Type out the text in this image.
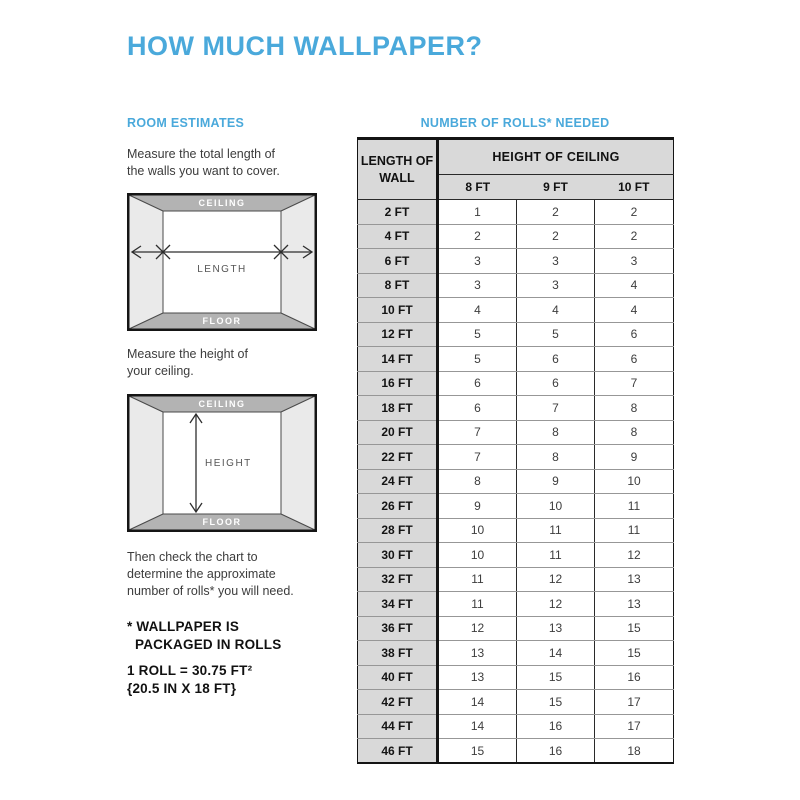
HOW MUCH WALLPAPER?
ROOM ESTIMATES
Measure the total length of
the walls you want to cover.
CEILING
FLOOR
LENGTH
Measure the height of
your ceiling.
CEILING
FLOOR
HEIGHT
Then check the chart to
determine the approximate
number of rolls* you will need.
* WALLPAPER IS
PACKAGED IN ROLLS
1 ROLL = 30.75 FT²
{20.5 IN X 18 FT}
NUMBER OF ROLLS* NEEDED
LENGTH OF WALL	HEIGHT OF CEILING		
	8 FT	9 FT	10 FT
2 FT	1	2	2
4 FT	2	2	2
6 FT	3	3	3
8 FT	3	3	4
10 FT	4	4	4
12 FT	5	5	6
14 FT	5	6	6
16 FT	6	6	7
18 FT	6	7	8
20 FT	7	8	8
22 FT	7	8	9
24 FT	8	9	10
26 FT	9	10	11
28 FT	10	11	11
30 FT	10	11	12
32 FT	11	12	13
34 FT	11	12	13
36 FT	12	13	15
38 FT	13	14	15
40 FT	13	15	16
42 FT	14	15	17
44 FT	14	16	17
46 FT	15	16	18
